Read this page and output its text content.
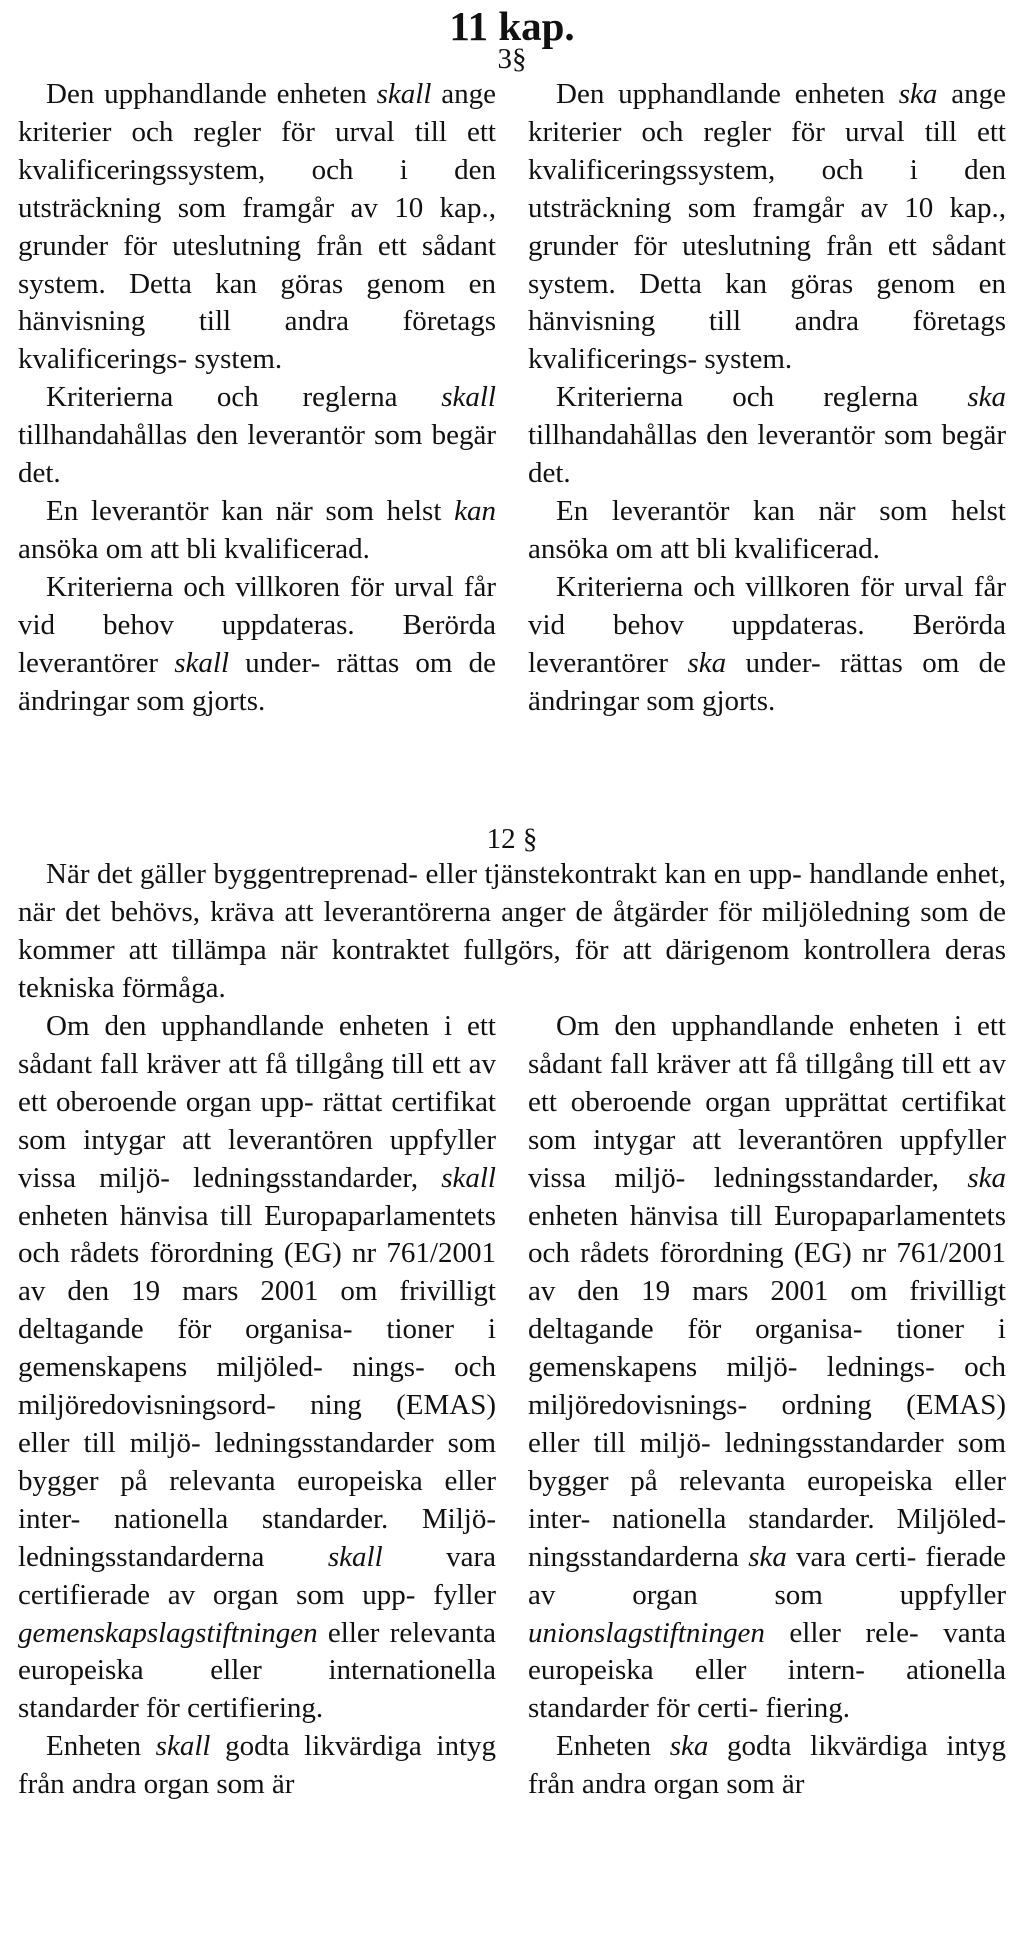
11 kap.
3§

Den upphandlande enheten skall ange kriterier och regler för urval till ett kvalificeringssystem, och i den utsträckning som framgår av 10 kap., grunder för uteslutning från ett sådant system. Detta kan göras genom en hänvisning till andra företags kvalificerings- system.

Kriterierna och reglerna skall tillhandahållas den leverantör som begär det.

En leverantör kan när som helst kan ansöka om att bli kvalificerad.

Kriterierna och villkoren för urval får vid behov uppdateras. Berörda leverantörer skall under- rättas om de ändringar som gjorts.

Den upphandlande enheten ska ange kriterier och regler för urval till ett kvalificeringssystem, och i den utsträckning som framgår av 10 kap., grunder för uteslutning från ett sådant system. Detta kan göras genom en hänvisning till andra företags kvalificerings- system.

Kriterierna och reglerna ska tillhandahållas den leverantör som begär det.

En leverantör kan när som helst ansöka om att bli kvalificerad.

Kriterierna och villkoren för urval får vid behov uppdateras. Berörda leverantörer ska under- rättas om de ändringar som gjorts.

12 §

När det gäller byggentreprenad- eller tjänstekontrakt kan en upp- handlande enhet, när det behövs, kräva att leverantörerna anger de åtgärder för miljöledning som de kommer att tillämpa när kontraktet fullgörs, för att därigenom kontrollera deras tekniska förmåga.

Om den upphandlande enheten i ett sådant fall kräver att få tillgång till ett av ett oberoende organ upp- rättat certifikat som intygar att leverantören uppfyller vissa miljö- ledningsstandarder, skall enheten hänvisa till Europaparlamentets och rådets förordning (EG) nr 761/2001 av den 19 mars 2001 om frivilligt deltagande för organisa- tioner i gemenskapens miljöled- nings- och miljöredovisningsord- ning (EMAS) eller till miljö- ledningsstandarder som bygger på relevanta europeiska eller inter- nationella standarder. Miljö- ledningsstandarderna skall vara certifierade av organ som upp- fyller gemenskapslagstiftningen eller relevanta europeiska eller internationella standarder för certifiering.

Enheten skall godta likvärdiga intyg från andra organ som är

Om den upphandlande enheten i ett sådant fall kräver att få tillgång till ett av ett oberoende organ upprättat certifikat som intygar att leverantören uppfyller vissa miljö- ledningsstandarder, ska enheten hänvisa till Europaparlamentets och rådets förordning (EG) nr 761/2001 av den 19 mars 2001 om frivilligt deltagande för organisa- tioner i gemenskapens miljö- lednings- och miljöredovisnings- ordning (EMAS) eller till miljö- ledningsstandarder som bygger på relevanta europeiska eller inter- nationella standarder. Miljöled- ningsstandarderna ska vara certi- fierade av organ som uppfyller unionslagstiftningen eller rele- vanta europeiska eller intern- ationella standarder för certi- fiering.

Enheten ska godta likvärdiga intyg från andra organ som är
